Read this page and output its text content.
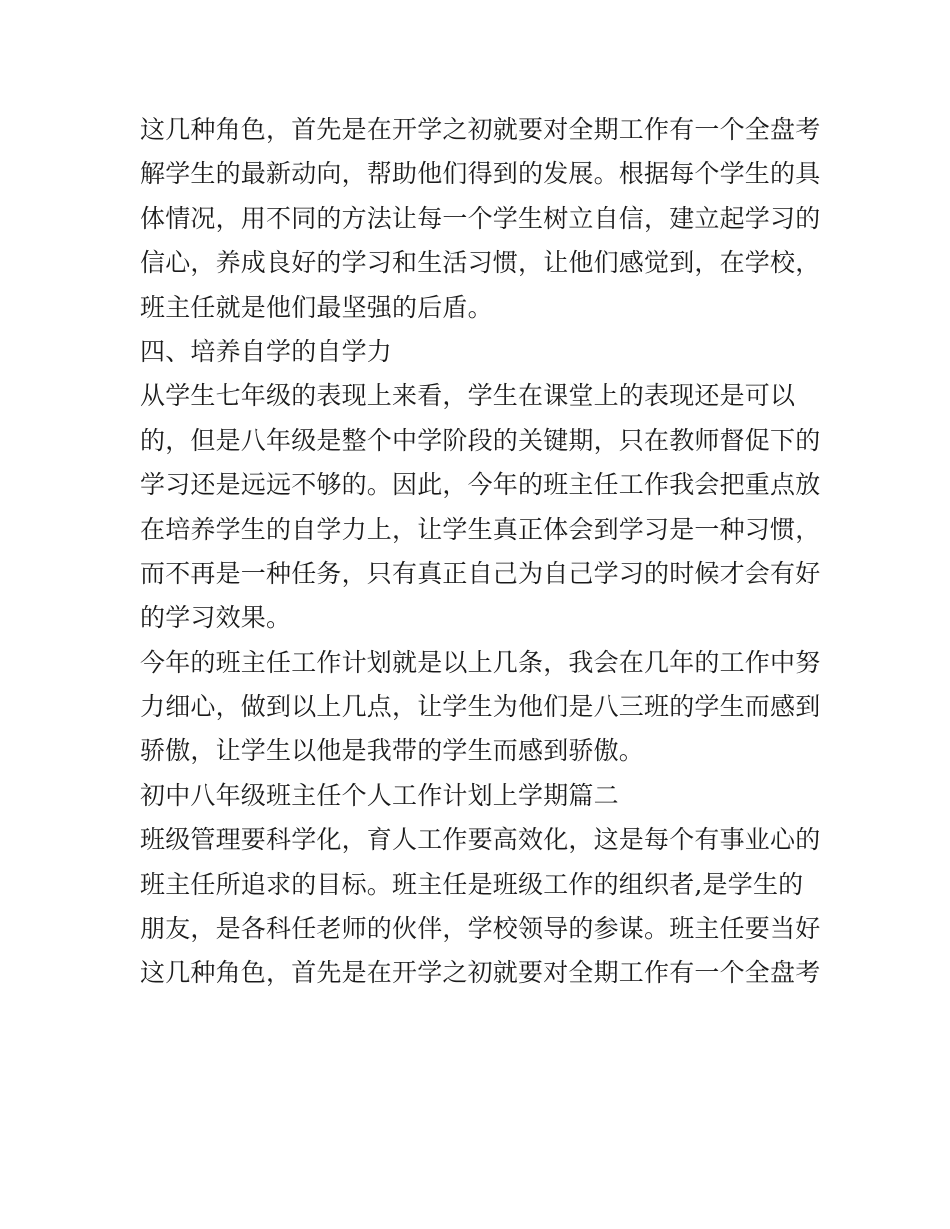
这几种角色，首先是在开学之初就要对全期工作有一个全盘考
解学生的最新动向，帮助他们得到的发展。根据每个学生的具
体情况，用不同的方法让每一个学生树立自信，建立起学习的
信心，养成良好的学习和生活习惯，让他们感觉到，在学校，
班主任就是他们最坚强的后盾。
四、培养自学的自学力
从学生七年级的表现上来看，学生在课堂上的表现还是可以
的，但是八年级是整个中学阶段的关键期，只在教师督促下的
学习还是远远不够的。因此，今年的班主任工作我会把重点放
在培养学生的自学力上，让学生真正体会到学习是一种习惯，
而不再是一种任务，只有真正自己为自己学习的时候才会有好
的学习效果。
今年的班主任工作计划就是以上几条，我会在几年的工作中努
力细心，做到以上几点，让学生为他们是八三班的学生而感到
骄傲，让学生以他是我带的学生而感到骄傲。
初中八年级班主任个人工作计划上学期篇二
班级管理要科学化，育人工作要高效化，这是每个有事业心的
班主任所追求的目标。班主任是班级工作的组织者,是学生的
朋友，是各科任老师的伙伴，学校领导的参谋。班主任要当好
这几种角色，首先是在开学之初就要对全期工作有一个全盘考
